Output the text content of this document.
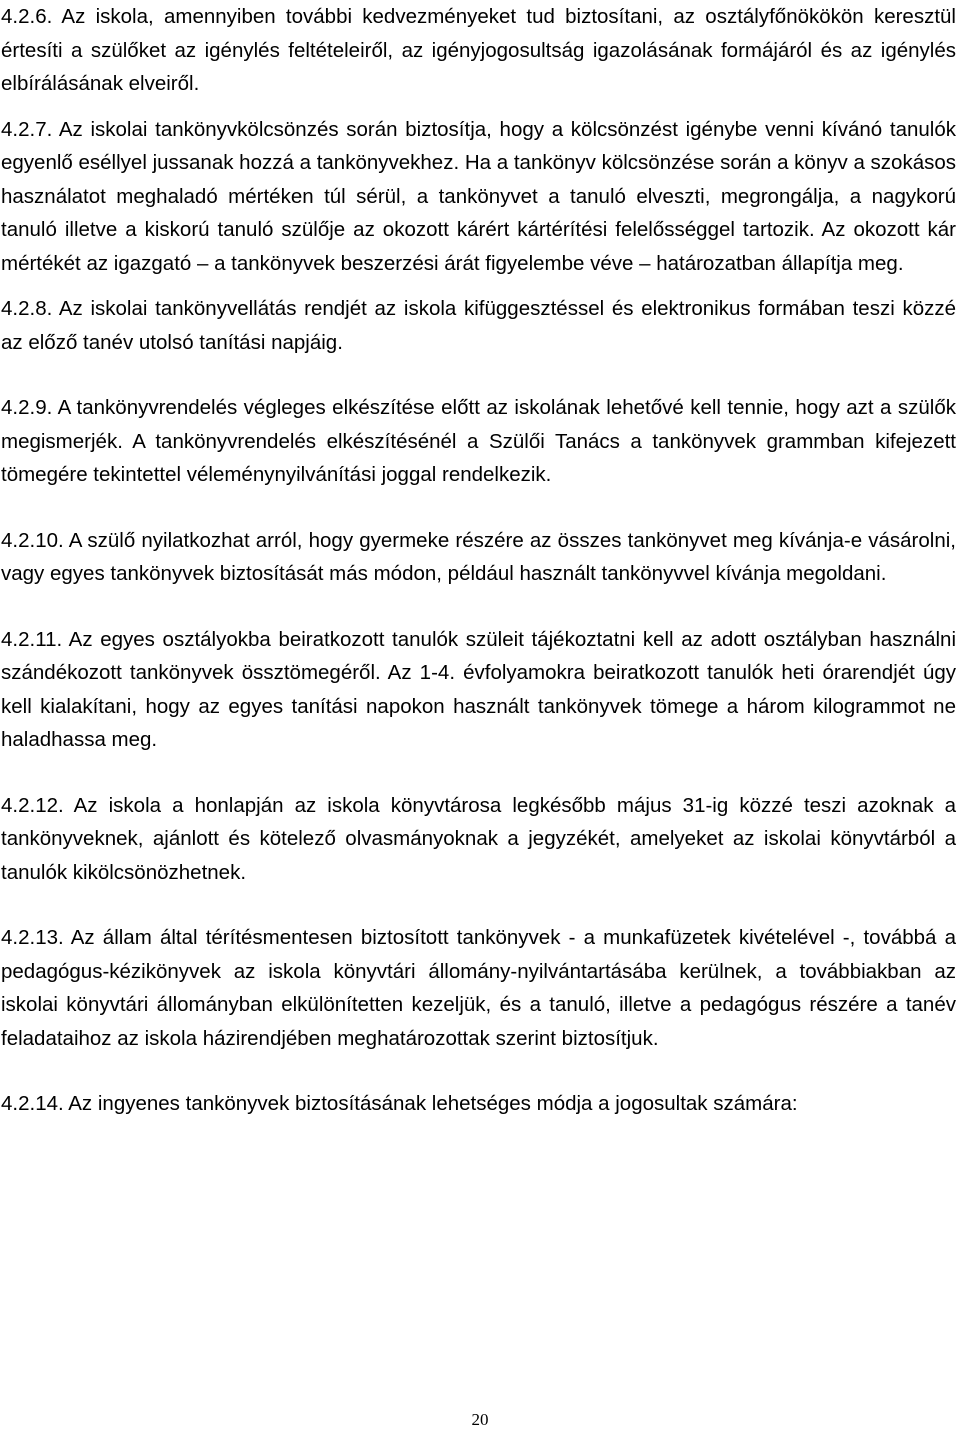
4.2.6. Az iskola, amennyiben további kedvezményeket tud biztosítani, az osztályfőnökökön keresztül értesíti a szülőket az igénylés feltételeiről, az igényjogosultság igazolásának formájáról és az igénylés elbírálásának elveiről.

4.2.7. Az iskolai tankönyvkölcsönzés során biztosítja, hogy a kölcsönzést igénybe venni kívánó tanulók egyenlő eséllyel jussanak hozzá a tankönyvekhez. Ha a tankönyv kölcsönzése során a könyv a szokásos használatot meghaladó mértéken túl sérül, a tankönyvet a tanuló elveszti, megrongálja, a nagykorú tanuló illetve a kiskorú tanuló szülője az okozott kárért kártérítési felelősséggel tartozik. Az okozott kár mértékét az igazgató – a tankönyvek beszerzési árát figyelembe véve – határozatban állapítja meg.

4.2.8. Az iskolai tankönyvellátás rendjét az iskola kifüggesztéssel és elektronikus formában teszi közzé az előző tanév utolsó tanítási napjáig.

4.2.9. A tankönyvrendelés végleges elkészítése előtt az iskolának lehetővé kell tennie, hogy azt a szülők megismerjék. A tankönyvrendelés elkészítésénél a Szülői Tanács a tankönyvek grammban kifejezett tömegére tekintettel véleménynyilvánítási joggal rendelkezik.

4.2.10. A szülő nyilatkozhat arról, hogy gyermeke részére az összes tankönyvet meg kívánja-e vásárolni, vagy egyes tankönyvek biztosítását más módon, például használt tankönyvvel kívánja megoldani.

4.2.11. Az egyes osztályokba beiratkozott tanulók szüleit tájékoztatni kell az adott osztályban használni szándékozott tankönyvek össztömegéről. Az 1-4. évfolyamokra beiratkozott tanulók heti órarendjét úgy kell kialakítani, hogy az egyes tanítási napokon használt tankönyvek tömege a három kilogrammot ne haladhassa meg.

4.2.12. Az iskola a honlapján az iskola könyvtárosa legkésőbb május 31-ig közzé teszi azoknak a tankönyveknek, ajánlott és kötelező olvasmányoknak a jegyzékét, amelyeket az iskolai könyvtárból a tanulók kikölcsönözhetnek.

4.2.13. Az állam által térítésmentesen biztosított tankönyvek - a munkafüzetek kivételével -, továbbá a pedagógus-kézikönyvek az iskola könyvtári állomány-nyilvántartásába kerülnek, a továbbiakban az iskolai könyvtári állományban elkülönítetten kezeljük, és a tanuló, illetve a pedagógus részére a tanév feladataihoz az iskola házirendjében meghatározottak szerint biztosítjuk.

4.2.14. Az ingyenes tankönyvek biztosításának lehetséges módja a jogosultak számára:

20
